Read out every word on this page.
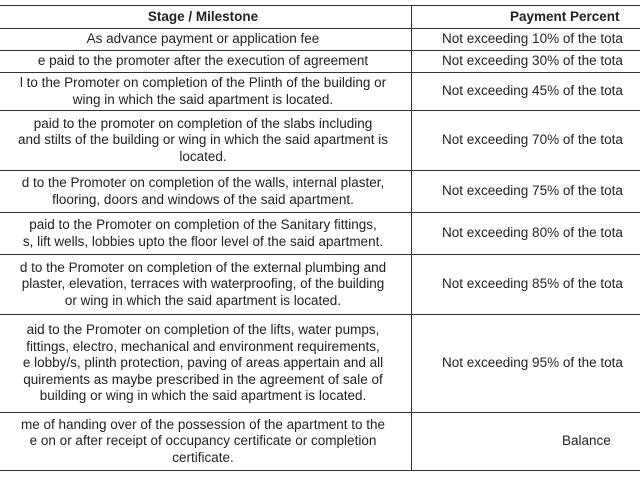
Stage / Milestone	Payment Percent

As advance payment or application fee	Not exceeding 10% of the tota

e paid to the promoter after the execution of agreement	Not exceeding 30% of the tota

l to the Promoter on completion of the Plinth of the building or
wing in which the said apartment is located.	Not exceeding 45% of the tota

paid to the promoter on completion of the slabs including
and stilts of the building or wing in which the said apartment is
located.	Not exceeding 70% of the tota

d to the Promoter on completion of the walls, internal plaster,
flooring, doors and windows of the said apartment.	Not exceeding 75% of the tota

paid to the Promoter on completion of the Sanitary fittings,
s, lift wells, lobbies upto the floor level of the said apartment.	Not exceeding 80% of the tota

d to the Promoter on completion of the external plumbing and
plaster, elevation, terraces with waterproofing, of the building
or wing in which the said apartment is located.	Not exceeding 85% of the tota

aid to the Promoter on completion of the lifts, water pumps,
fittings, electro, mechanical and environment requirements,
e lobby/s, plinth protection, paving of areas appertain and all
quirements as maybe prescribed in the agreement of sale of
building or wing in which the said apartment is located.	Not exceeding 95% of the tota

me of handing over of the possession of the apartment to the
e on or after receipt of occupancy certificate or completion
certificate.	Balance
